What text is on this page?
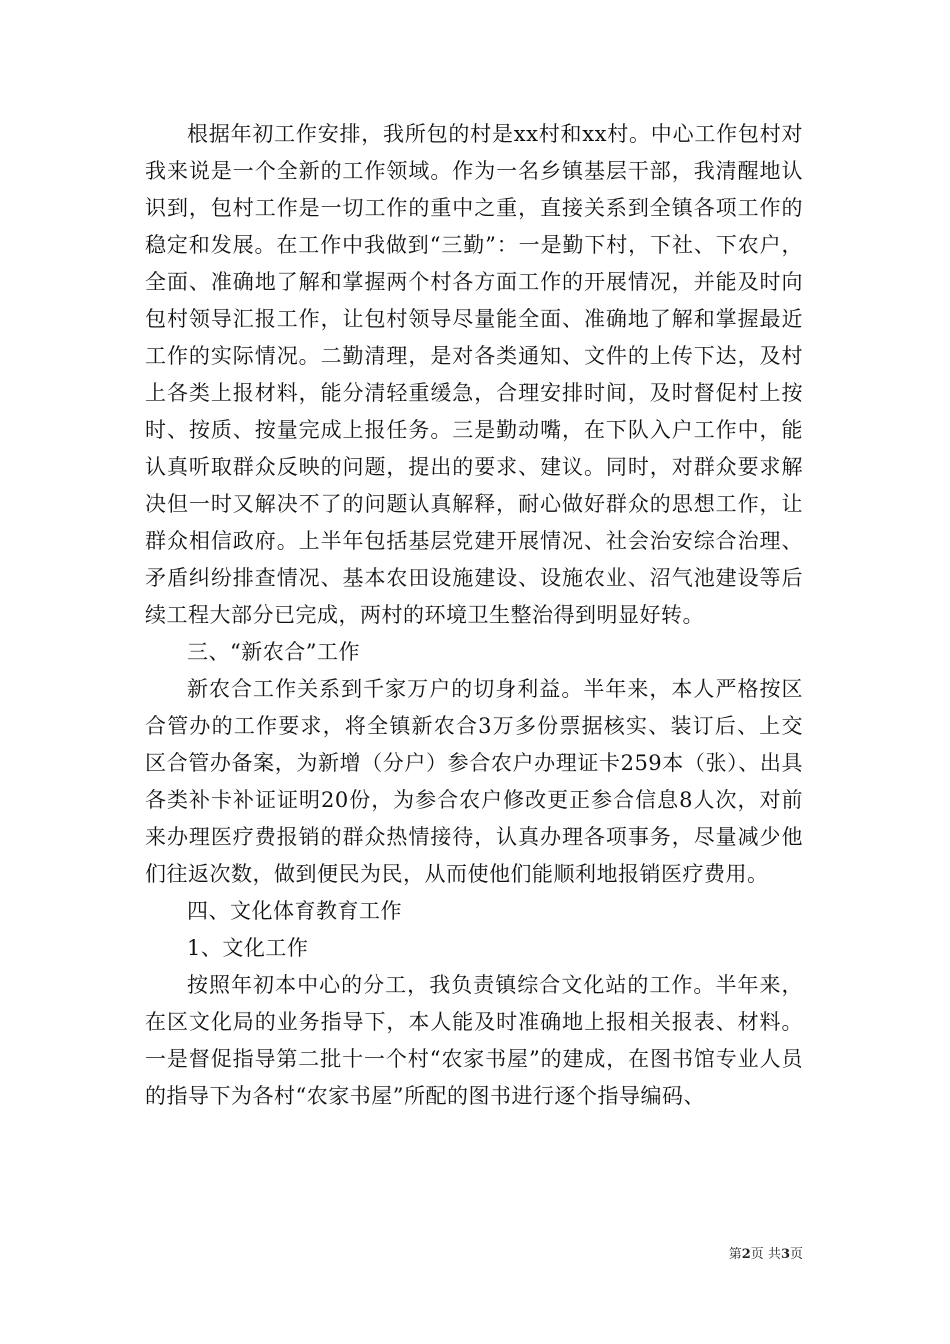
根据年初工作安排，我所包的村是xx村和xx村。中心工作包村对我来说是一个全新的工作领域。作为一名乡镇基层干部，我清醒地认识到，包村工作是一切工作的重中之重，直接关系到全镇各项工作的稳定和发展。在工作中我做到“三勤”：一是勤下村，下社、下农户，全面、准确地了解和掌握两个村各方面工作的开展情况，并能及时向包村领导汇报工作，让包村领导尽量能全面、准确地了解和掌握最近工作的实际情况。二勤清理，是对各类通知、文件的上传下达，及村上各类上报材料，能分清轻重缓急，合理安排时间，及时督促村上按时、按质、按量完成上报任务。三是勤动嘴，在下队入户工作中，能认真听取群众反映的问题，提出的要求、建议。同时，对群众要求解决但一时又解决不了的问题认真解释，耐心做好群众的思想工作，让群众相信政府。上半年包括基层党建开展情况、社会治安综合治理、矛盾纠纷排查情况、基本农田设施建设、设施农业、沼气池建设等后续工程大部分已完成，两村的环境卫生整治得到明显好转。

三、“新农合”工作

新农合工作关系到千家万户的切身利益。半年来，本人严格按区合管办的工作要求，将全镇新农合3万多份票据核实、装订后、上交区合管办备案，为新增（分户）参合农户办理证卡259本（张）、出具各类补卡补证证明20份，为参合农户修改更正参合信息8人次，对前来办理医疗费报销的群众热情接待，认真办理各项事务，尽量减少他们往返次数，做到便民为民，从而使他们能顺利地报销医疗费用。

四、文化体育教育工作

1、文化工作

按照年初本中心的分工，我负责镇综合文化站的工作。半年来，在区文化局的业务指导下，本人能及时准确地上报相关报表、材料。一是督促指导第二批十一个村“农家书屋”的建成，在图书馆专业人员的指导下为各村“农家书屋”所配的图书进行逐个指导编码、

第2页 共3页
